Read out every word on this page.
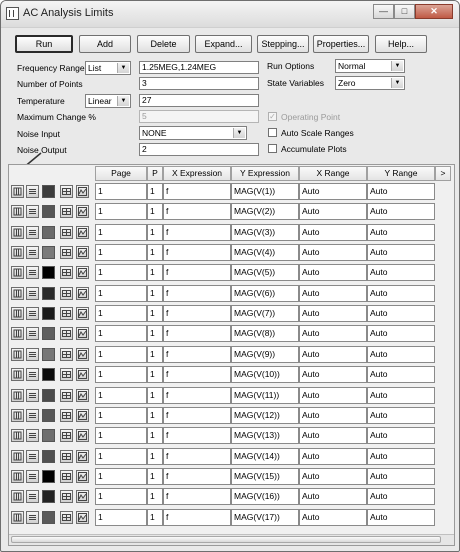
AC Analysis Limits	—	□	✕
Run	Add	Delete	Expand...	Stepping...	Properties...	Help...
Frequency Range List	▼	1.25MEG,1.24MEG
Number of Points	3
Temperature	Linear	▼	27
Maximum Change %	5
Noise Input	NONE	▼
Noise Output	2
Run Options	Normal	▼
State Variables	Zero	▼
✓ Operating Point
Auto Scale Ranges
Accumulate Plots
Page	P	X Expression	Y Expression	X Range	Y Range	>
1	1	f	MAG(V(1))	Auto	Auto
1	1	f	MAG(V(2))	Auto	Auto
1	1	f	MAG(V(3))	Auto	Auto
1	1	f	MAG(V(4))	Auto	Auto
1	1	f	MAG(V(5))	Auto	Auto
1	1	f	MAG(V(6))	Auto	Auto
1	1	f	MAG(V(7))	Auto	Auto
1	1	f	MAG(V(8))	Auto	Auto
1	1	f	MAG(V(9))	Auto	Auto
1	1	f	MAG(V(10))	Auto	Auto
1	1	f	MAG(V(11))	Auto	Auto
1	1	f	MAG(V(12))	Auto	Auto
1	1	f	MAG(V(13))	Auto	Auto
1	1	f	MAG(V(14))	Auto	Auto
1	1	f	MAG(V(15))	Auto	Auto
1	1	f	MAG(V(16))	Auto	Auto
1	1	f	MAG(V(17))	Auto	Auto
